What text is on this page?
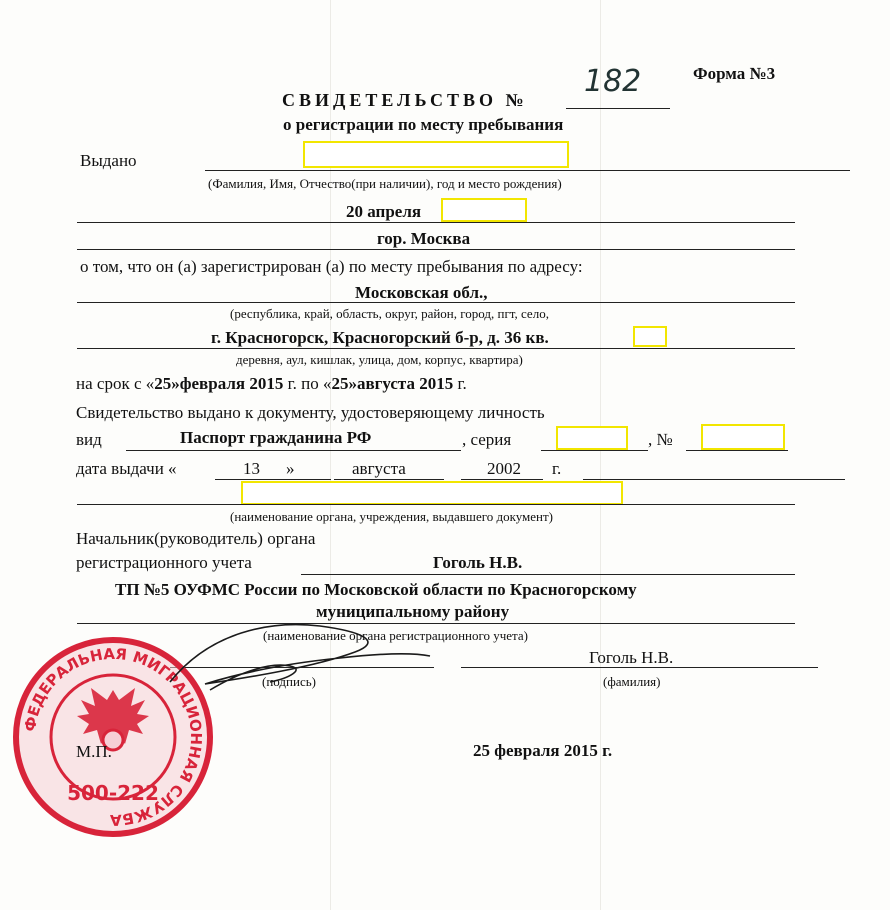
Форма №3
СВИДЕТЕЛЬСТВО №
182
о регистрации по месту пребывания
Выдано
(Фамилия, Имя, Отчество(при наличии), год и место рождения)
20 апреля
гор. Москва
о том, что он (а) зарегистрирован (а) по месту пребывания по адресу:
Московская обл.,
(республика, край, область, округ, район, город, пгт, село,
г. Красногорск, Красногорский б-р, д. 36 кв.
деревня, аул, кишлак, улица, дом, корпус, квартира)
на срок с «25»февраля 2015 г. по «25»августа 2015 г.
Свидетельство выдано к документу, удостоверяющему личность
вид	Паспорт гражданина РФ	, серия	, №
дата выдачи «	13 »	августа	2002 г.
(наименование органа, учреждения, выдавшего документ)
Начальник(руководитель) органа
регистрационного учета	Гоголь Н.В.
ТП №5 ОУФМС России по Московской области по Красногорскому
муниципальному району
(наименование органа регистрационного учета)
(подпись)
Гоголь Н.В.
(фамилия)
ФЕДЕРАЛЬНАЯ МИГРАЦИОННАЯ СЛУЖБА
500-222
М.П.	25 февраля 2015 г.
